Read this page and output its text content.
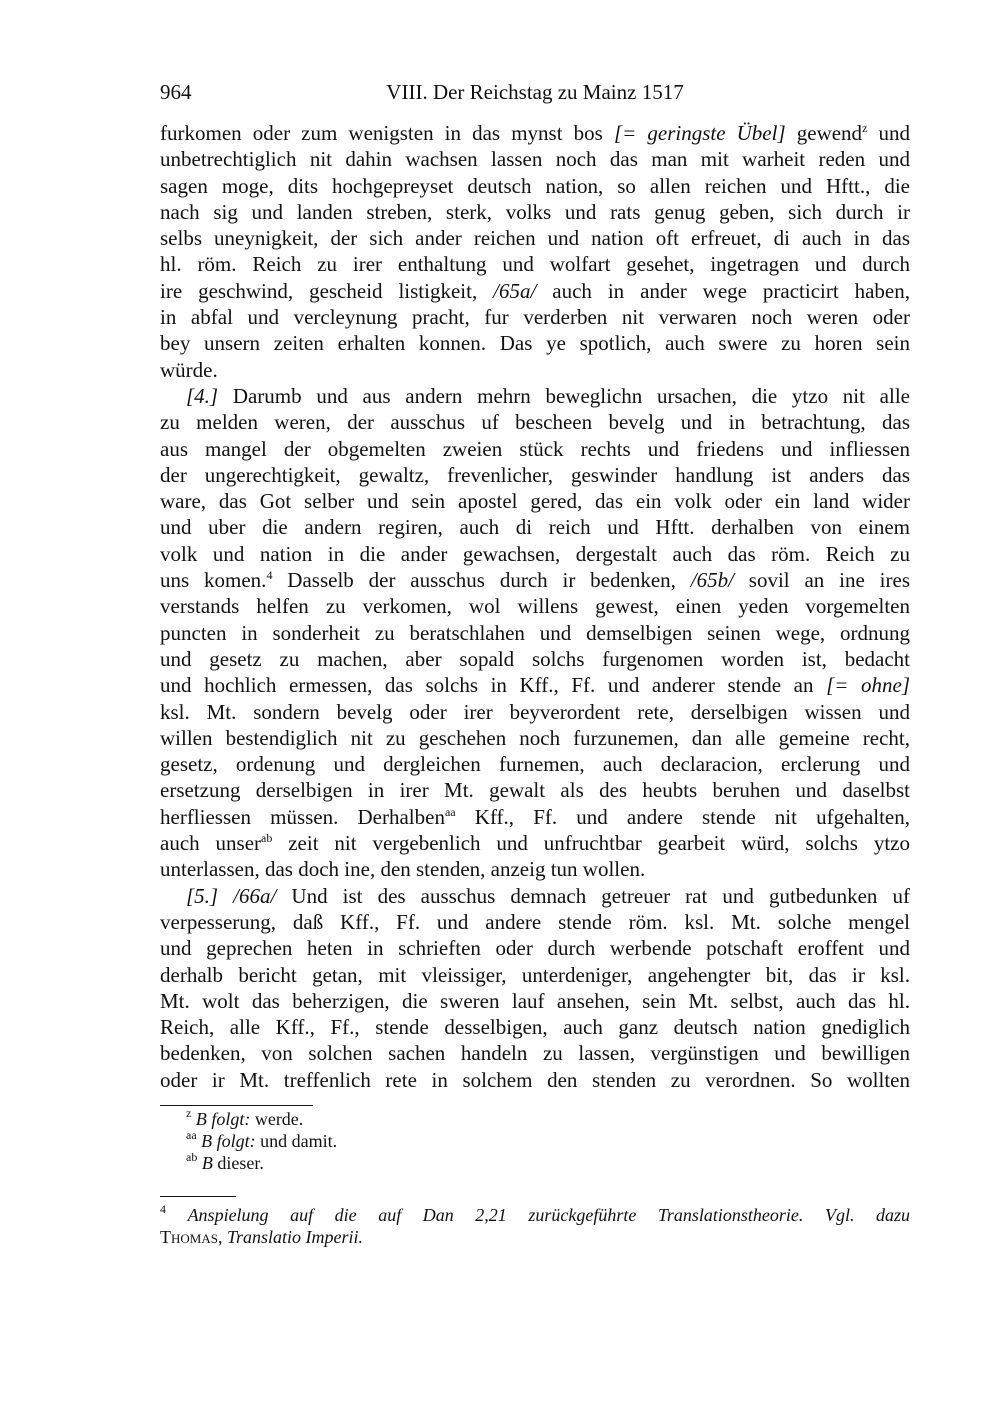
964	VIII. Der Reichstag zu Mainz 1517
furkomen oder zum wenigsten in das mynst bos [= geringste Übel] gewend$^z$ und
unbetrechtiglich nit dahin wachsen lassen noch das man mit warheit reden und
sagen moge, dits hochgepreyset deutsch nation, so allen reichen und Hftt., die
nach sig und landen streben, sterk, volks und rats genug geben, sich durch ir
selbs uneynigkeit, der sich ander reichen und nation oft erfreuet, di auch in das
hl. röm. Reich zu irer enthaltung und wolfart gesehet, ingetragen und durch
ire geschwind, gescheid listigkeit, /65a/ auch in ander wege practicirt haben,
in abfal und vercleynung pracht, fur verderben nit verwaren noch weren oder
bey unsern zeiten erhalten konnen. Das ye spotlich, auch swere zu horen sein
würde.
[4.] Darumb und aus andern mehrn beweglichn ursachen, die ytzo nit alle
zu melden weren, der ausschus uf bescheen bevelg und in betrachtung, das
aus mangel der obgemelten zweien stück rechts und friedens und infliessen
der ungerechtigkeit, gewaltz, frevenlicher, geswinder handlung ist anders das
ware, das Got selber und sein apostel gered, das ein volk oder ein land wider
und uber die andern regiren, auch di reich und Hftt. derhalben von einem
volk und nation in die ander gewachsen, dergestalt auch das röm. Reich zu
uns komen.$^4$ Dasselb der ausschus durch ir bedenken, /65b/ sovil an ine ires
verstands helfen zu verkomen, wol willens gewest, einen yeden vorgemelten
puncten in sonderheit zu beratschlahen und demselbigen seinen wege, ordnung
und gesetz zu machen, aber sopald solchs furgenomen worden ist, bedacht
und hochlich ermessen, das solchs in Kff., Ff. und anderer stende an [= ohne]
ksl. Mt. sondern bevelg oder irer beyverordent rete, derselbigen wissen und
willen bestendiglich nit zu geschehen noch furzunemen, dan alle gemeine recht,
gesetz, ordenung und dergleichen furnemen, auch declaracion, erclerung und
ersetzung derselbigen in irer Mt. gewalt als des heubts beruhen und daselbst
herfliessen müssen. Derhalben$^{aa}$ Kff., Ff. und andere stende nit ufgehalten,
auch unser$^{ab}$ zeit nit vergebenlich und unfruchtbar gearbeit würd, solchs ytzo
unterlassen, das doch ine, den stenden, anzeig tun wollen.
[5.] /66a/ Und ist des ausschus demnach getreuer rat und gutbedunken uf
verpesserung, daß Kff., Ff. und andere stende röm. ksl. Mt. solche mengel
und geprechen heten in schrieften oder durch werbende potschaft eroffent und
derhalb bericht getan, mit vleissiger, unterdeniger, angehengter bit, das ir ksl.
Mt. wolt das beherzigen, die sweren lauf ansehen, sein Mt. selbst, auch das hl.
Reich, alle Kff., Ff., stende desselbigen, auch ganz deutsch nation gnediglich
bedenken, von solchen sachen handeln zu lassen, vergünstigen und bewilligen
oder ir Mt. treffenlich rete in solchem den stenden zu verordnen. So wollten
$^z$ B folgt: werde.
$^{aa}$ B folgt: und damit.
$^{ab}$ B dieser.
$^4$ Anspielung auf die auf Dan 2,21 zurückgeführte Translationstheorie. Vgl. dazu
Thomas, Translatio Imperii.
